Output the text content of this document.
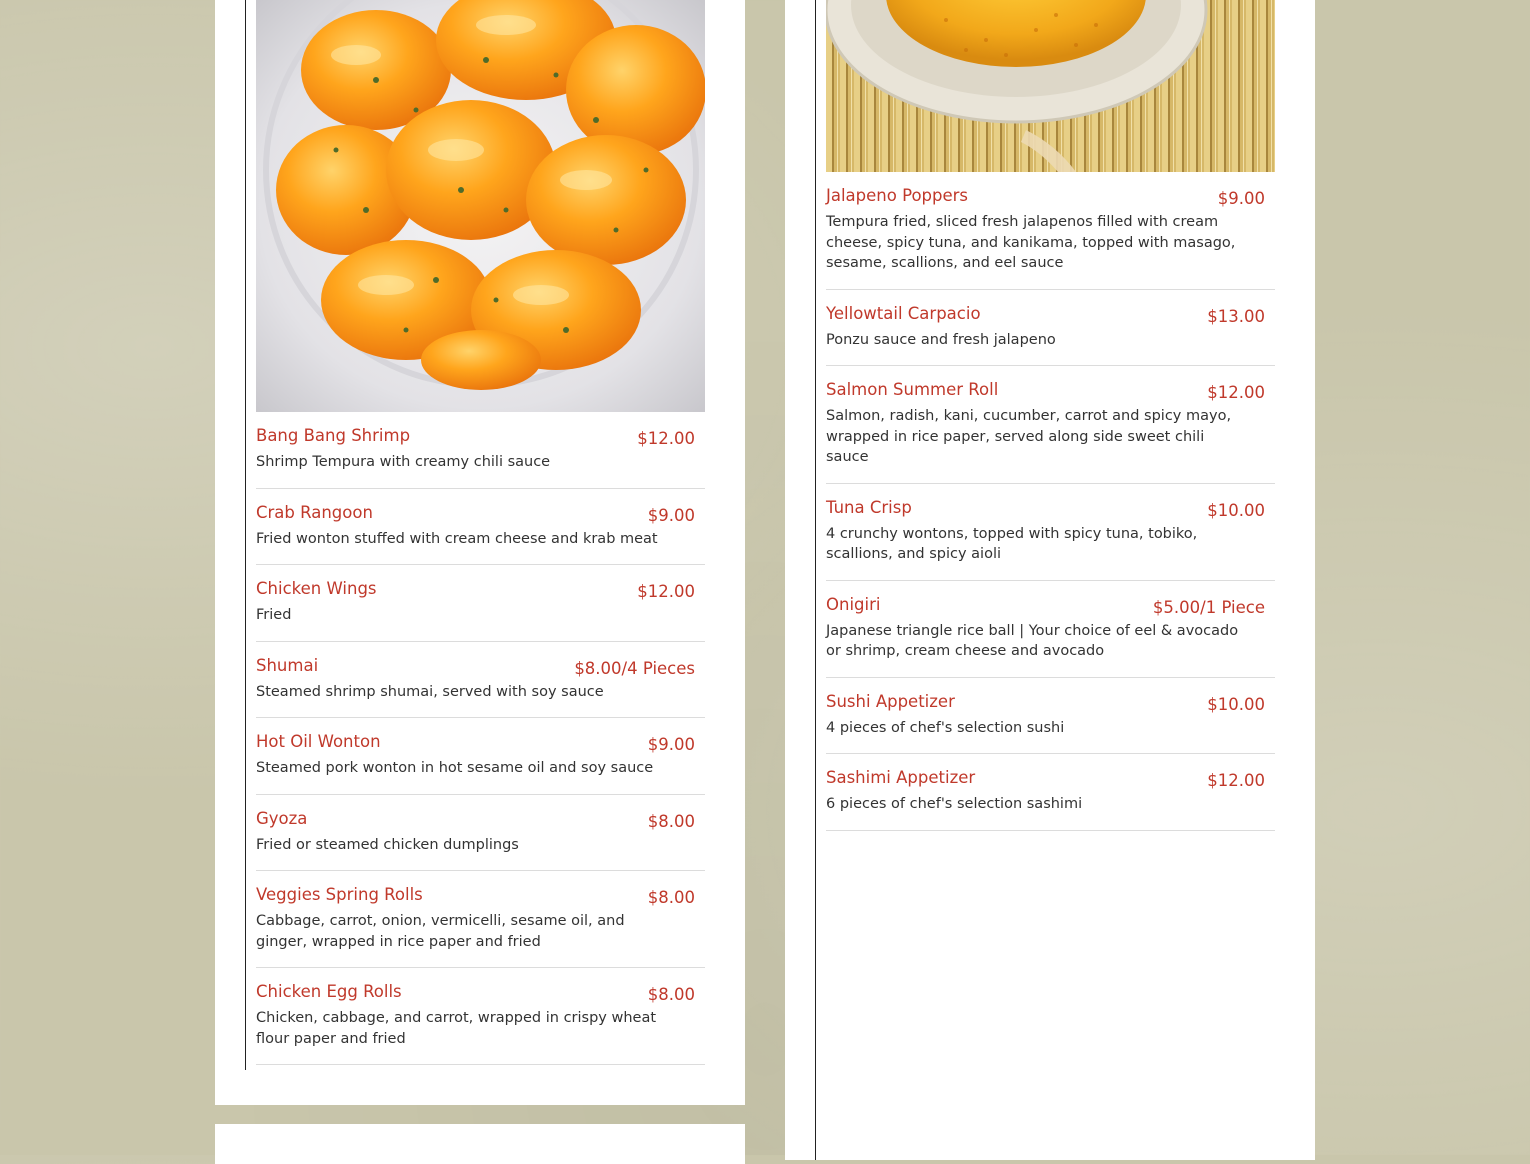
Bang Bang Shrimp	$12.00
Shrimp Tempura with creamy chili sauce
Crab Rangoon	$9.00
Fried wonton stuffed with cream cheese and krab meat
Chicken Wings	$12.00
Fried
Shumai	$8.00/4 Pieces
Steamed shrimp shumai, served with soy sauce
Hot Oil Wonton	$9.00
Steamed pork wonton in hot sesame oil and soy sauce
Gyoza	$8.00
Fried or steamed chicken dumplings
Veggies Spring Rolls	$8.00
Cabbage, carrot, onion, vermicelli, sesame oil, and ginger, wrapped in rice paper and fried
Chicken Egg Rolls	$8.00
Chicken, cabbage, and carrot, wrapped in crispy wheat flour paper and fried
Jalapeno Poppers	$9.00
Tempura fried, sliced fresh jalapenos filled with cream cheese, spicy tuna, and kanikama, topped with masago, sesame, scallions, and eel sauce
Yellowtail Carpacio	$13.00
Ponzu sauce and fresh jalapeno
Salmon Summer Roll	$12.00
Salmon, radish, kani, cucumber, carrot and spicy mayo, wrapped in rice paper, served along side sweet chili sauce
Tuna Crisp	$10.00
4 crunchy wontons, topped with spicy tuna, tobiko, scallions, and spicy aioli
Onigiri	$5.00/1 Piece
Japanese triangle rice ball | Your choice of eel & avocado or shrimp, cream cheese and avocado
Sushi Appetizer	$10.00
4 pieces of chef's selection sushi
Sashimi Appetizer	$12.00
6 pieces of chef's selection sashimi
